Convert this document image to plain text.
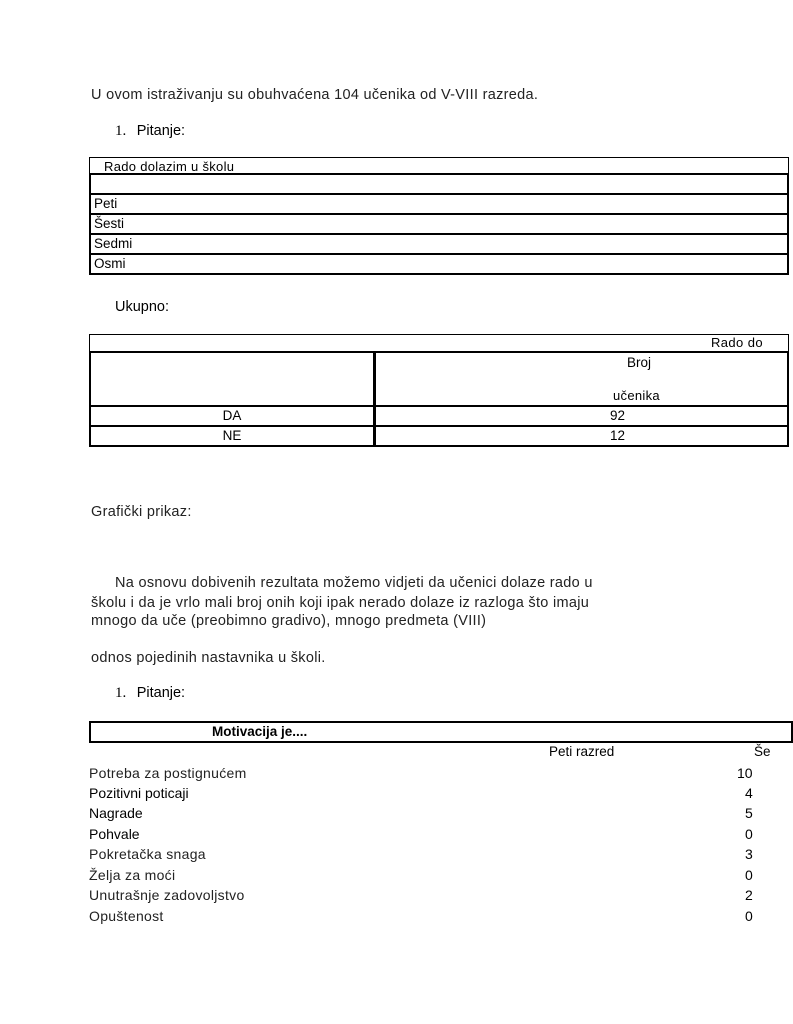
U ovom istraživanju su obuhvaćena 104 učenika od V-VIII razreda.
1. Pitanje:
Rado dolazim u školu
Peti
Šesti
Sedmi
Osmi
Ukupno:
Rado do
Broj
učenika
DA	92
NE	12
Grafički prikaz:
Na osnovu dobivenih rezultata možemo vidjeti da učenici dolaze rado u
školu i da je vrlo mali broj onih koji ipak nerado dolaze iz razloga što imaju
mnogo da uče (preobimno gradivo), mnogo predmeta (VIII)
odnos pojedinih nastavnika u školi.
1. Pitanje:
Motivacija je....
Peti razred	Še
Potreba za postignućem	10
Pozitivni poticaji	4
Nagrade	5
Pohvale	0
Pokretačka snaga	3
Želja za moći	0
Unutrašnje zadovoljstvo	2
Opuštenost	0
